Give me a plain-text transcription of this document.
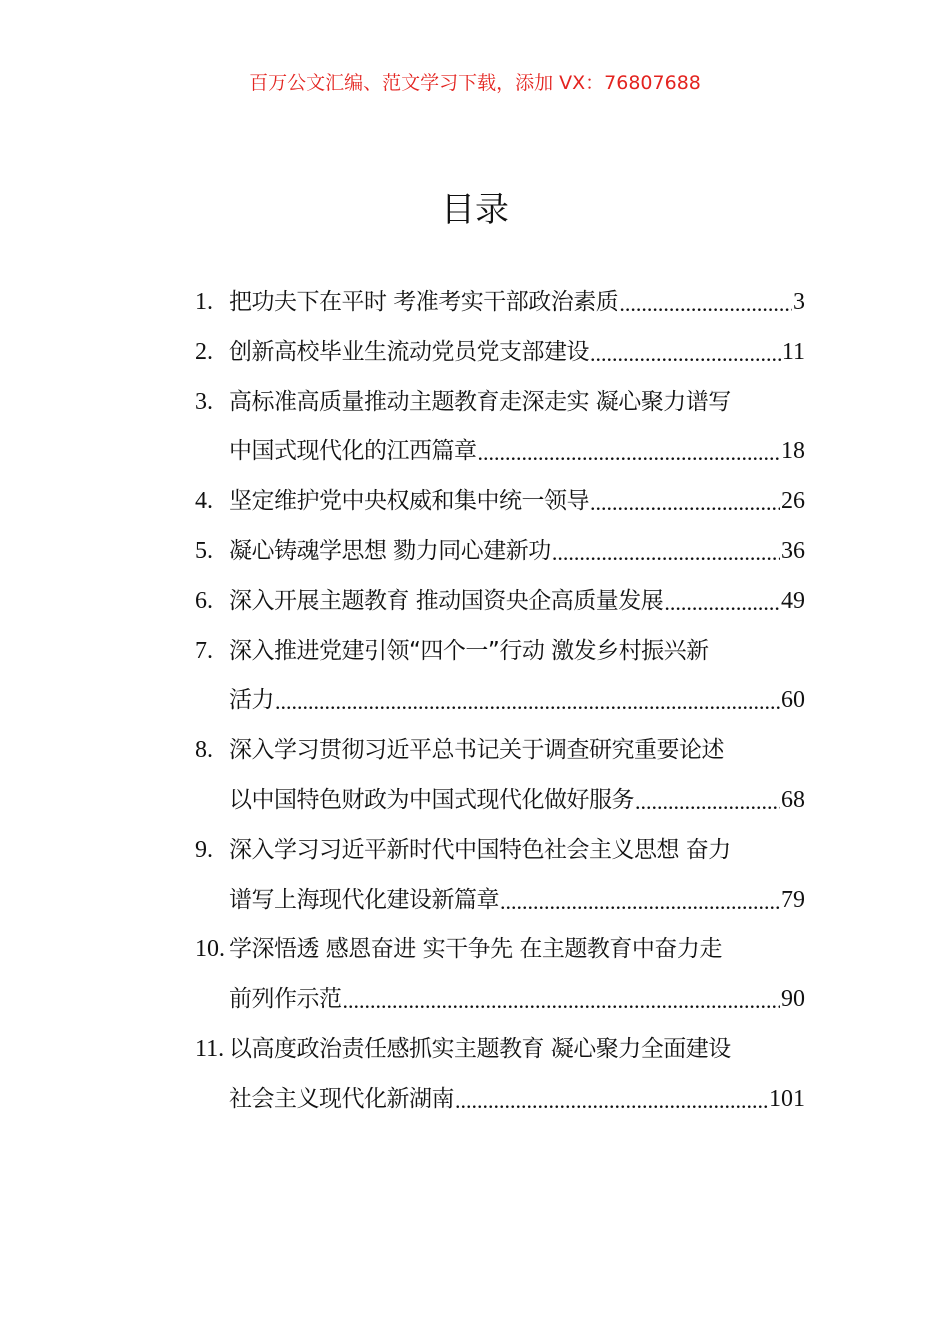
百万公文汇编、范文学习下载，添加 VX：76807688
目录
1. 把功夫下在平时 考准考实干部政治素质 .....	3
2. 创新高校毕业生流动党员党支部建设 .....	11
3. 高标准高质量推动主题教育走深走实 凝心聚力谱写
中国式现代化的江西篇章 .....	18
4. 坚定维护党中央权威和集中统一领导 .....	26
5. 凝心铸魂学思想 勠力同心建新功 .....	36
6. 深入开展主题教育 推动国资央企高质量发展 .....	49
7. 深入推进党建引领“四个一”行动 激发乡村振兴新
活力 .....	60
8. 深入学习贯彻习近平总书记关于调查研究重要论述
以中国特色财政为中国式现代化做好服务 .....	68
9. 深入学习习近平新时代中国特色社会主义思想 奋力
谱写上海现代化建设新篇章 .....	79
10. 学深悟透 感恩奋进 实干争先 在主题教育中奋力走
前列作示范 .....	90
11. 以高度政治责任感抓实主题教育 凝心聚力全面建设
社会主义现代化新湖南 .....	101
